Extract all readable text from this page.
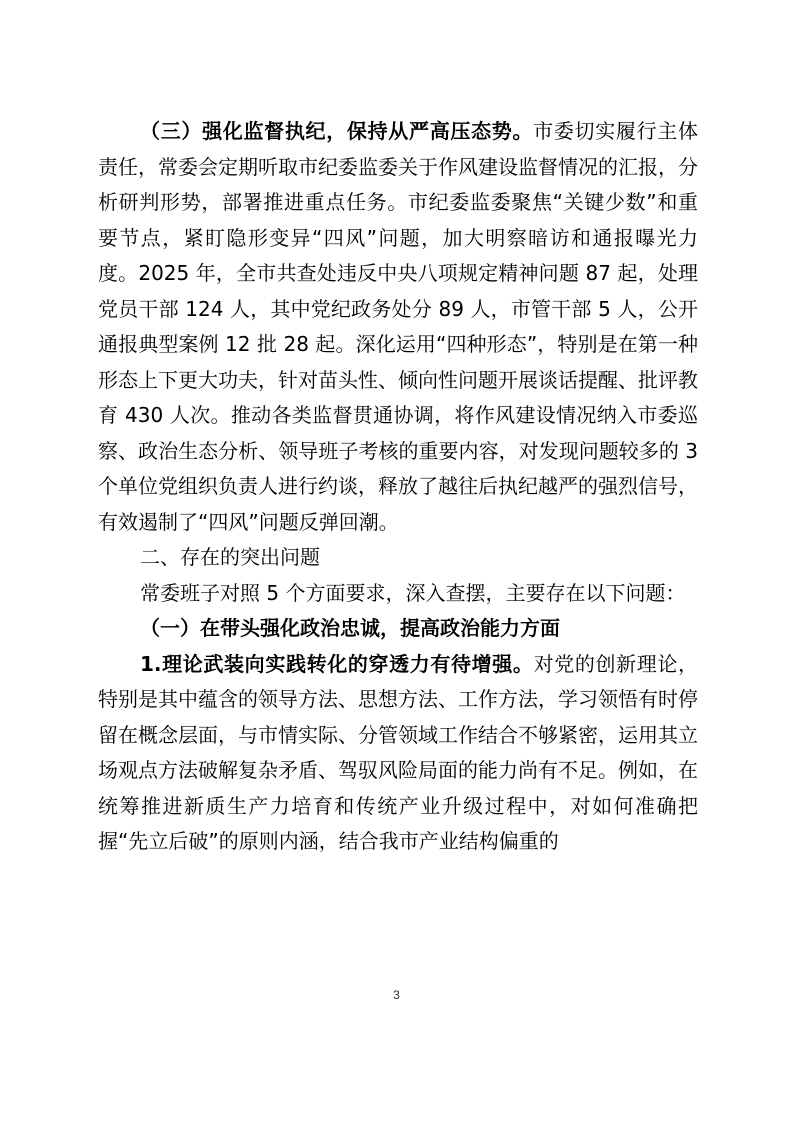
（三）强化监督执纪，保持从严高压态势。市委切实履行主体责任，常委会定期听取市纪委监委关于作风建设监督情况的汇报，分析研判形势，部署推进重点任务。市纪委监委聚焦“关键少数”和重要节点，紧盯隐形变异“四风”问题，加大明察暗访和通报曝光力度。2025 年，全市共查处违反中央八项规定精神问题 87 起，处理党员干部 124 人，其中党纪政务处分 89 人，市管干部 5 人，公开通报典型案例 12 批 28 起。深化运用“四种形态”，特别是在第一种形态上下更大功夫，针对苗头性、倾向性问题开展谈话提醒、批评教育 430 人次。推动各类监督贯通协调，将作风建设情况纳入市委巡察、政治生态分析、领导班子考核的重要内容，对发现问题较多的 3 个单位党组织负责人进行约谈，释放了越往后执纪越严的强烈信号，有效遏制了“四风”问题反弹回潮。

二、存在的突出问题

常委班子对照 5 个方面要求，深入查摆，主要存在以下问题：

（一）在带头强化政治忠诚，提高政治能力方面

1.理论武装向实践转化的穿透力有待增强。对党的创新理论，特别是其中蕴含的领导方法、思想方法、工作方法，学习领悟有时停留在概念层面，与市情实际、分管领域工作结合不够紧密，运用其立场观点方法破解复杂矛盾、驾驭风险局面的能力尚有不足。例如，在统筹推进新质生产力培育和传统产业升级过程中，对如何准确把握“先立后破”的原则内涵，结合我市产业结构偏重的

3
